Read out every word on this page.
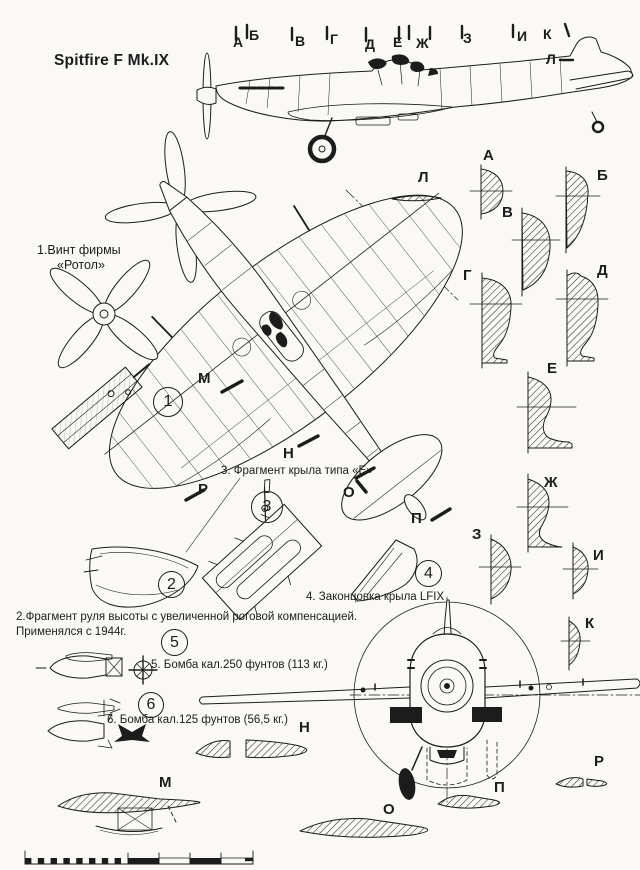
Spitfire F Mk.IX
А Б	В Г Д Е Ж З	И К
Л
А
Б
В
Г	Д
Е
Ж
З
И
К
Л
М
Н
О
П
Р
М
Н
О
П
Р
1
2
3
4
5
6
1.Винт фирмы
«Ротол»
2.Фрагмент руля высоты с увеличенной роговой компенсацией.
Применялся с 1944г.
3. Фрагмент крыла типа «Е»
4. Законцовка крыла LFIX
5. Бомба кал.250 фунтов (113 кг.)
6. Бомба кал.125 фунтов (56,5 кг.)
